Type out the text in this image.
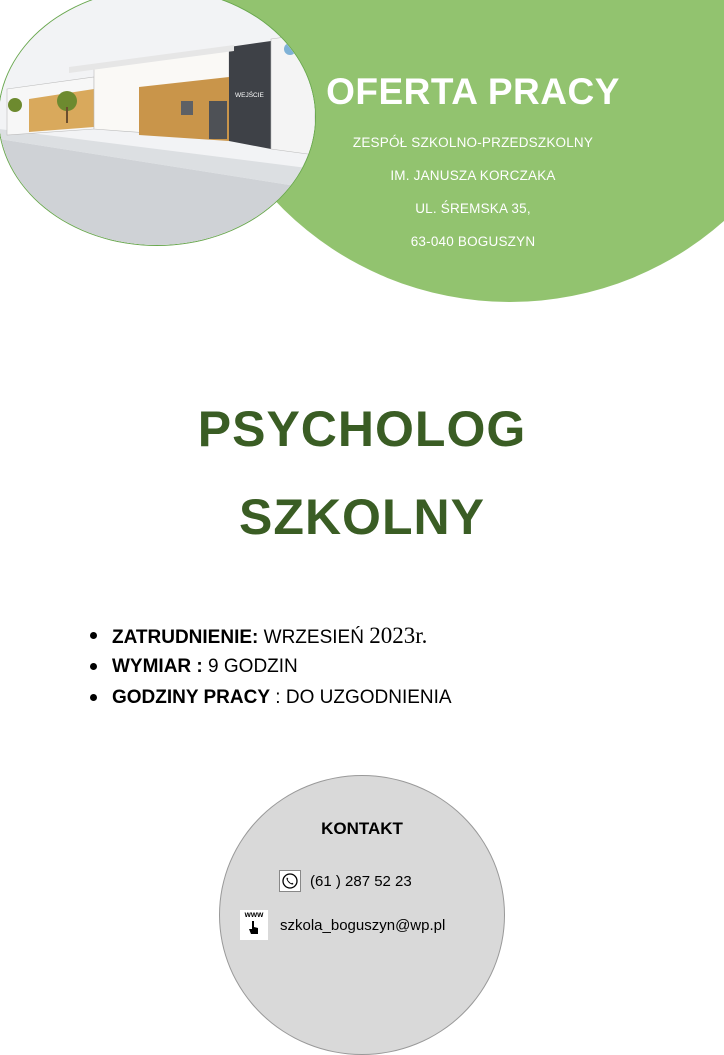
WEJŚCIE OFERTA PRACY

ZESPÓŁ SZKOLNO-PRZEDSZKOLNY

IM. JANUSZA KORCZAKA

UL. ŚREMSKA 35,

63-040 BOGUSZYN

PSYCHOLOG
SZKOLNY
ZATRUDNIENIE: WRZESIEŃ 2023r.
WYMIAR : 9 GODZIN
GODZINY PRACY : DO UZGODNIENIA
KONTAKT
(61 ) 287 52 23
www
szkola_boguszyn@wp.pl
